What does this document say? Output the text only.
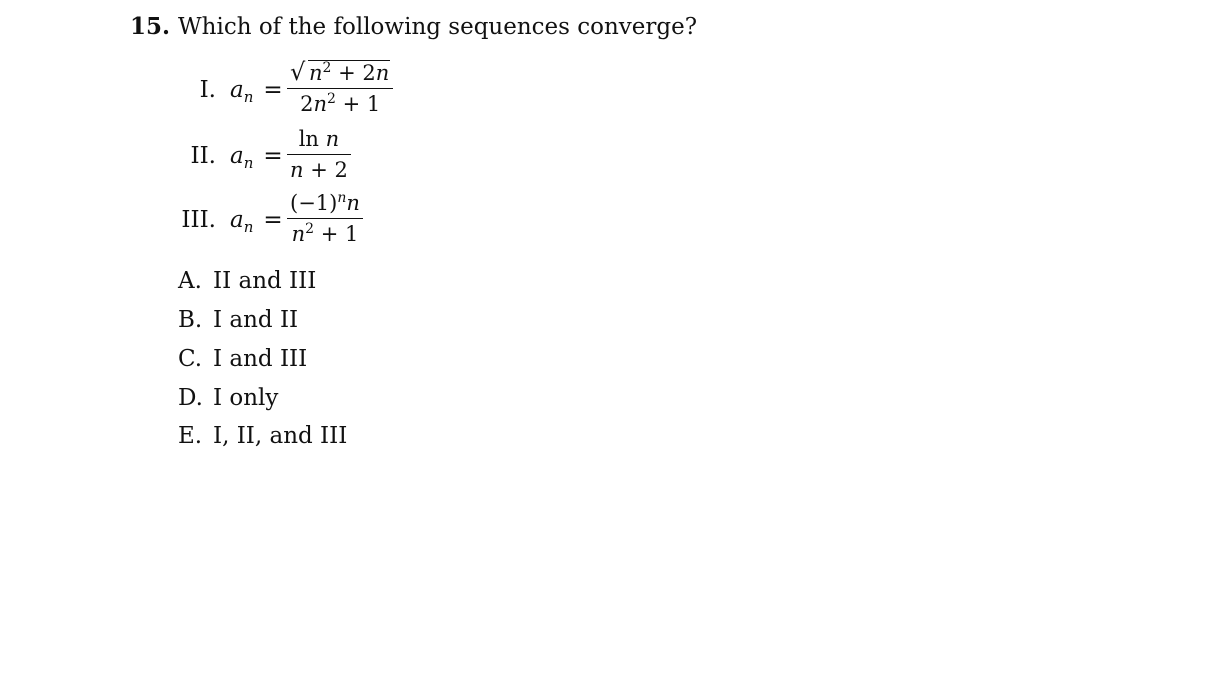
15. Which of the following sequences converge?
I. $a_n$ =
√ $n^2 + 2n$
$2n^2 + 1$
II. $a_n$ =
ln n
n + 2
III. $a_n$ =
$(-1)^nn$
$n^2 + 1$
A. II and III
B. I and II
C. I and III
D. I only
E. I, II, and III
